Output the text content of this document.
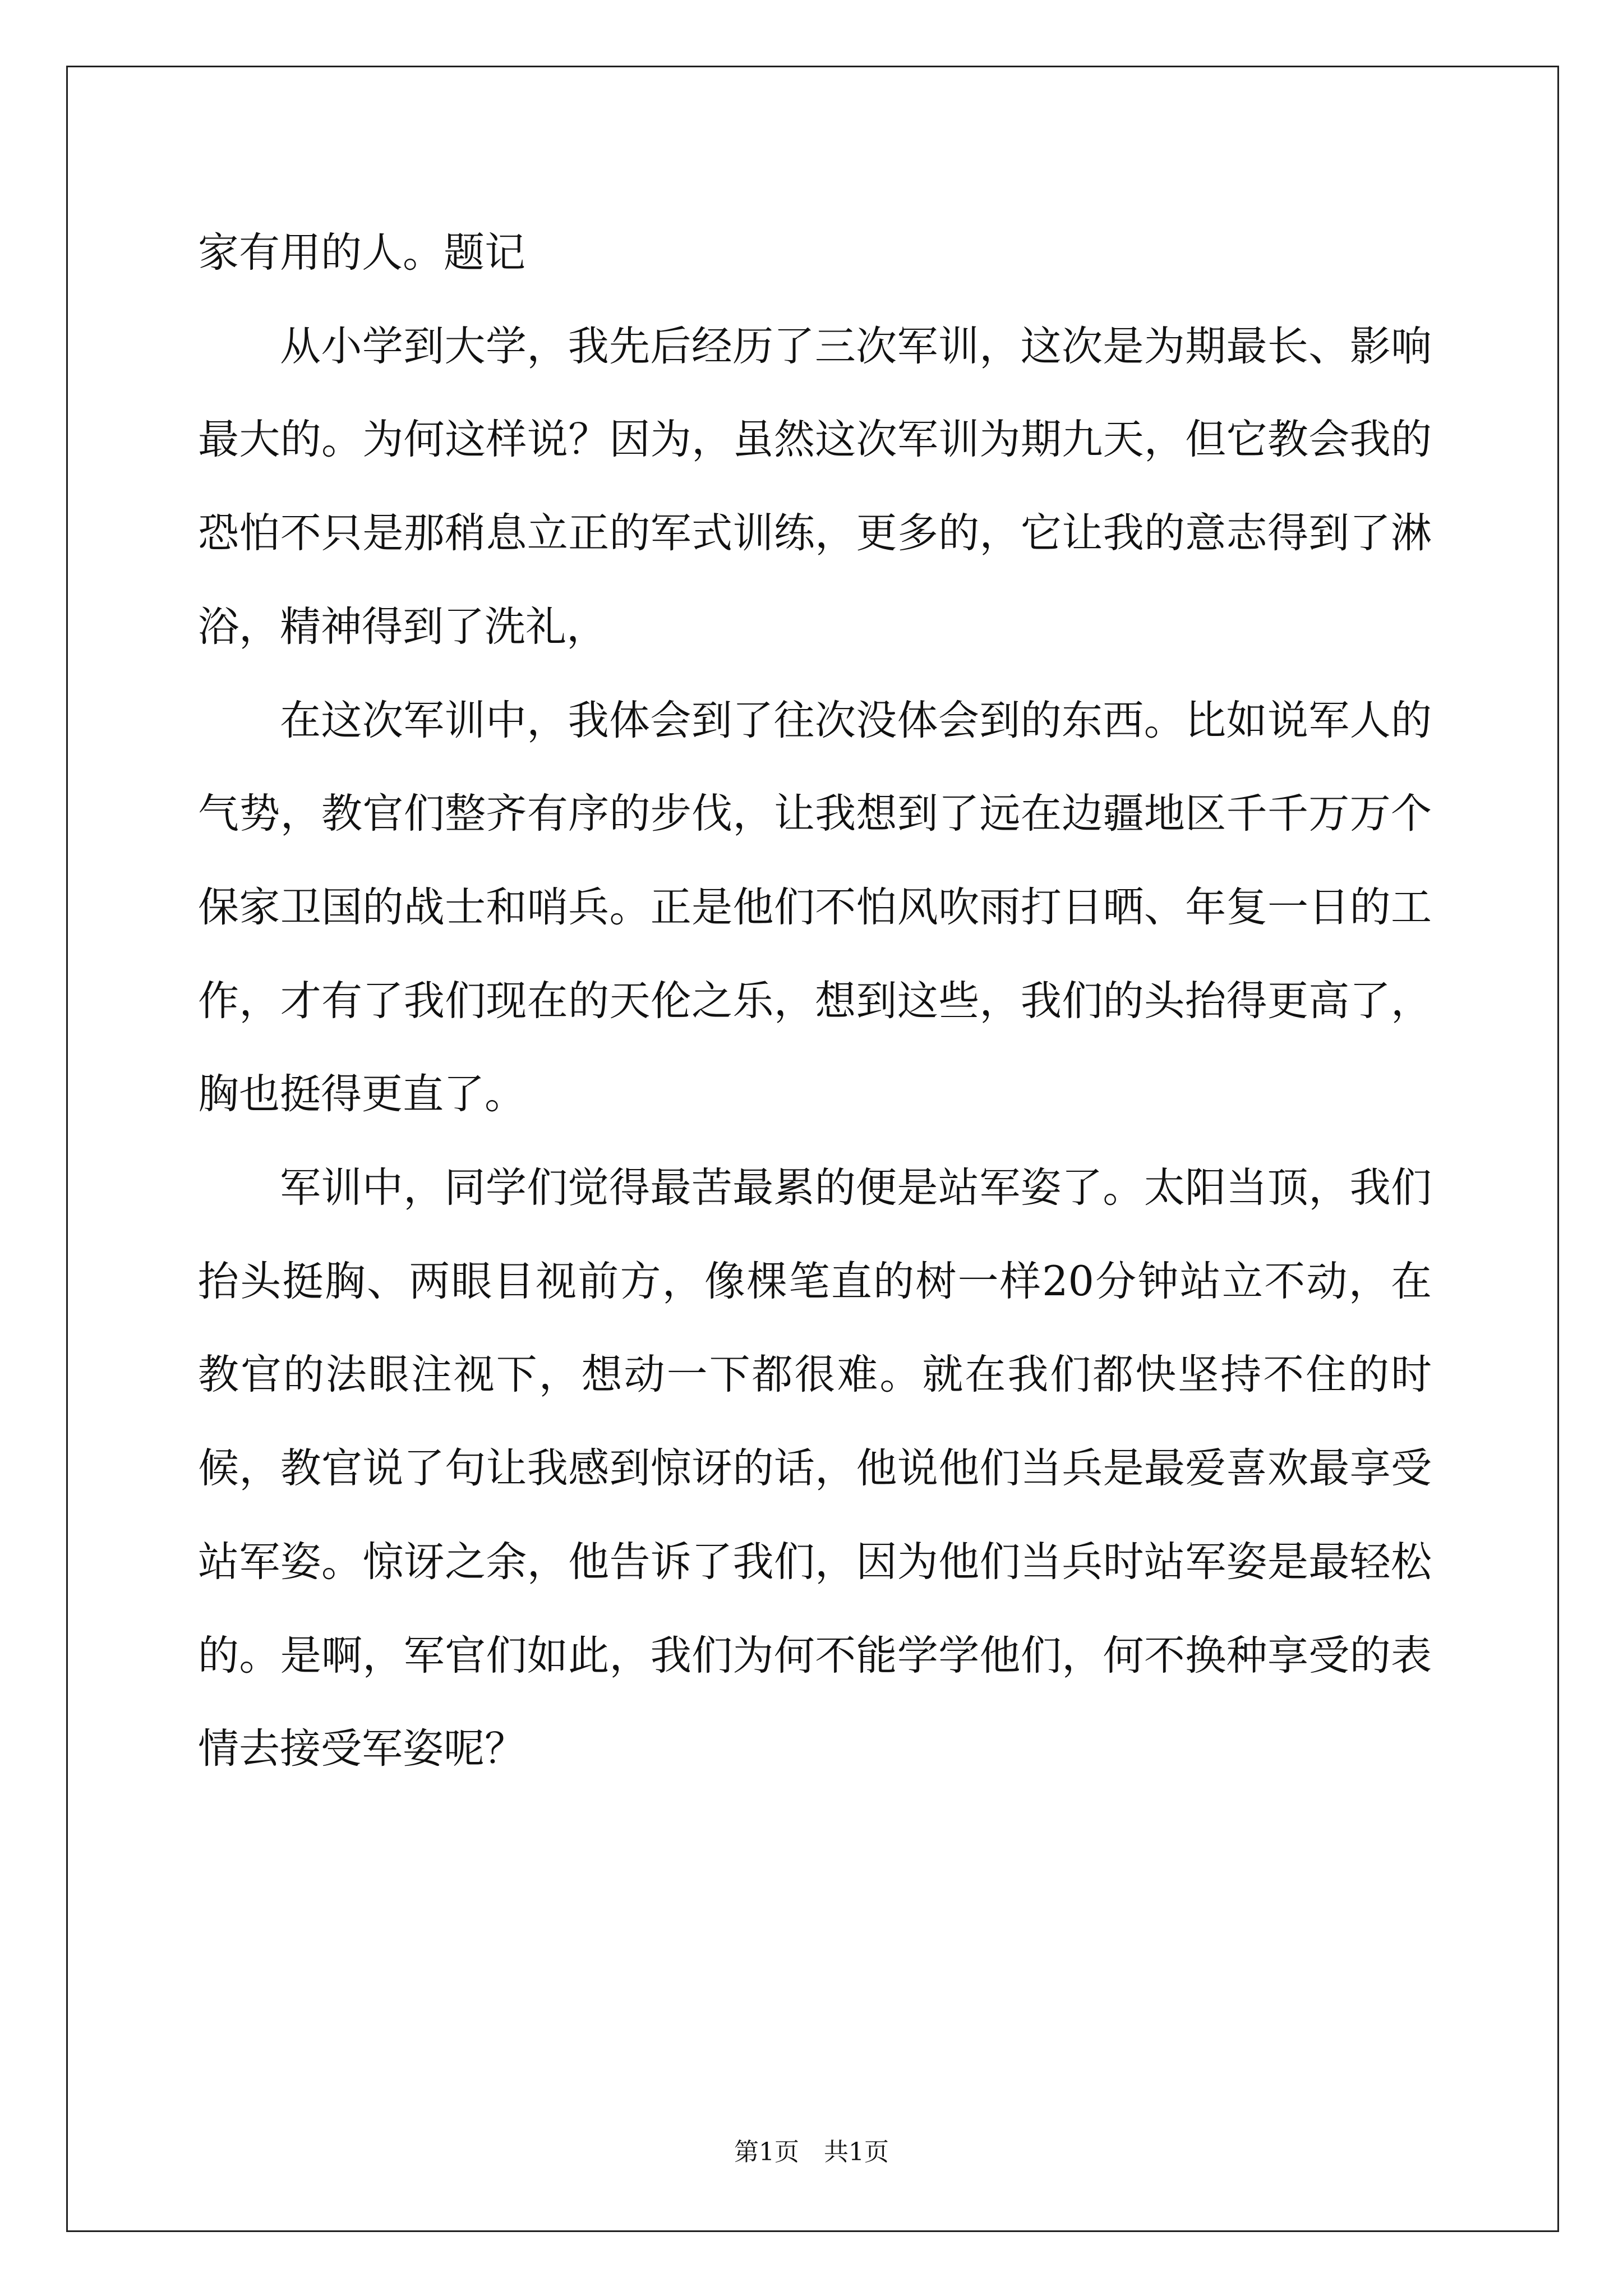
家有用的人。题记

从小学到大学，我先后经历了三次军训，这次是为期最长、影响最大的。为何这样说？因为，虽然这次军训为期九天，但它教会我的恐怕不只是那稍息立正的军式训练，更多的，它让我的意志得到了淋浴，精神得到了洗礼，

在这次军训中，我体会到了往次没体会到的东西。比如说军人的气势，教官们整齐有序的步伐，让我想到了远在边疆地区千千万万个保家卫国的战士和哨兵。正是他们不怕风吹雨打日晒、年复一日的工作，才有了我们现在的天伦之乐，想到这些，我们的头抬得更高了，胸也挺得更直了。

军训中，同学们觉得最苦最累的便是站军姿了。太阳当顶，我们抬头挺胸、两眼目视前方，像棵笔直的树一样20分钟站立不动，在教官的法眼注视下，想动一下都很难。就在我们都快坚持不住的时候，教官说了句让我感到惊讶的话，他说他们当兵是最爱喜欢最享受站军姿。惊讶之余，他告诉了我们，因为他们当兵时站军姿是最轻松的。是啊，军官们如此，我们为何不能学学他们，何不换种享受的表情去接受军姿呢？

第1页　共1页
